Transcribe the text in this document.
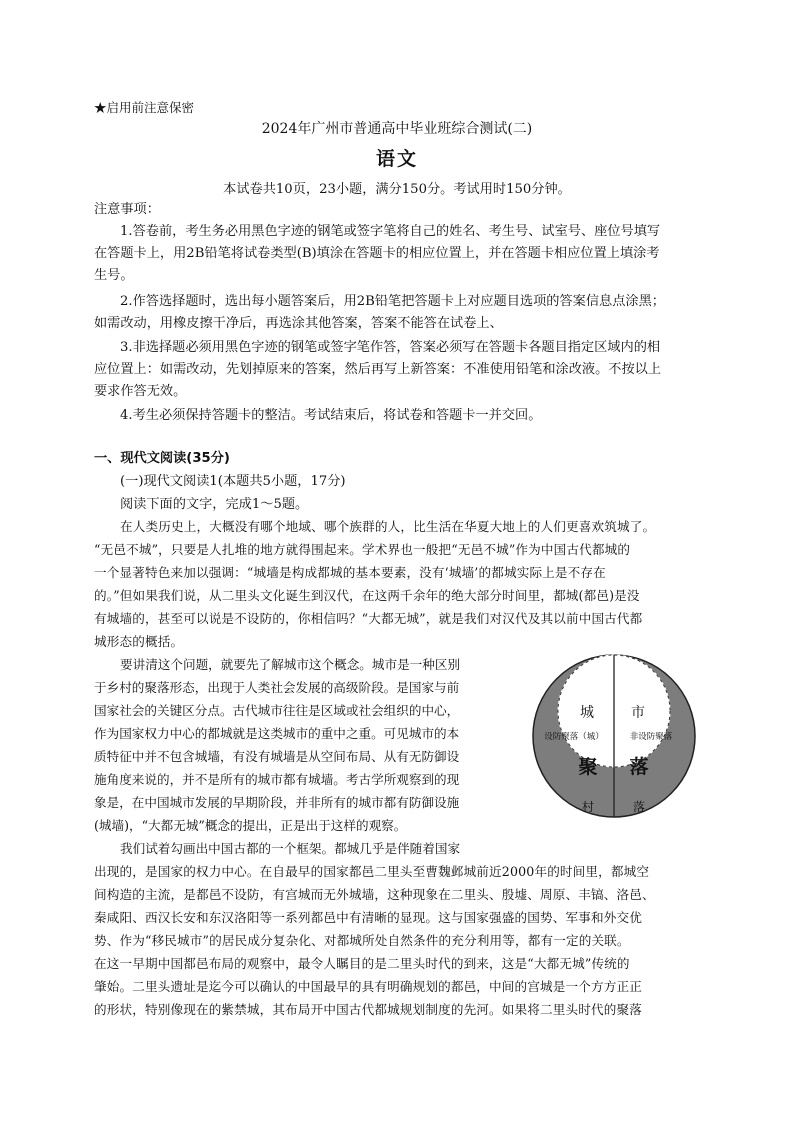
★启用前注意保密
2024年广州市普通高中毕业班综合测试(二)
语文
本试卷共10页，23小题，满分150分。考试用时150分钟。
注意事项：
1.答卷前，考生务必用黑色字迹的钢笔或签字笔将自己的姓名、考生号、试室号、座位号填写
在答题卡上，用2B铅笔将试卷类型(B)填涂在答题卡的相应位置上，并在答题卡相应位置上填涂考
生号。
2.作答选择题时，选出每小题答案后，用2B铅笔把答题卡上对应题目选项的答案信息点涂黑；
如需改动，用橡皮擦干净后，再选涂其他答案，答案不能答在试卷上、
3.非选择题必须用黑色字迹的钢笔或签字笔作答，答案必须写在答题卡各题目指定区域内的相
应位置上：如需改动，先划掉原来的答案，然后再写上新答案：不准使用铅笔和涂改液。不按以上
要求作答无效。
4.考生必须保持答题卡的整洁。考试结束后，将试卷和答题卡一并交回。
一、现代文阅读(35分)
(一)现代文阅读1(本题共5小题，17分)
阅读下面的文字，完成1～5题。
在人类历史上，大概没有哪个地域、哪个族群的人，比生活在华夏大地上的人们更喜欢筑城了。
“无邑不城”，只要是人扎堆的地方就得围起来。学术界也一般把“无邑不城”作为中国古代都城的
一个显著特色来加以强调：“城墙是构成都城的基本要素，没有‘城墙’的都城实际上是不存在
的。”但如果我们说，从二里头文化诞生到汉代，在这两千余年的绝大部分时间里，都城(都邑)是没
有城墙的，甚至可以说是不设防的，你相信吗？“大都无城”，就是我们对汉代及其以前中国古代都
城形态的概括。
要讲清这个问题，就要先了解城市这个概念。城市是一种区别
于乡村的聚落形态，出现于人类社会发展的高级阶段。是国家与前
国家社会的关键区分点。古代城市往往是区域或社会组织的中心，
作为国家权力中心的都城就是这类城市的重中之重。可见城市的本
质特征中并不包含城墙，有没有城墙是从空间布局、从有无防御设
施角度来说的，并不是所有的城市都有城墙。考古学所观察到的现
象是，在中国城市发展的早期阶段，并非所有的城市都有防御设施
(城墙)，“大都无城”概念的提出，正是出于这样的观察。
我们试着勾画出中国古都的一个框架。都城几乎是伴随着国家
出现的，是国家的权力中心。在自最早的国家都邑二里头至曹魏邺城前近2000年的时间里，都城空
间构造的主流，是都邑不设防，有宫城而无外城墙，这种现象在二里头、殷墟、周原、丰镐、洛邑、
秦咸阳、西汉长安和东汉洛阳等一系列都邑中有清晰的显现。这与国家强盛的国势、军事和外交优
势、作为“移民城市”的居民成分复杂化、对都城所处自然条件的充分利用等，都有一定的关联。
在这一早期中国都邑布局的观察中，最令人瞩目的是二里头时代的到来，这是“大都无城”传统的
肇始。二里头遗址是迄今可以确认的中国最早的具有明确规划的都邑，中间的宫城是一个方方正正
的形状，特别像现在的紫禁城，其布局开中国古代都城规划制度的先河。如果将二里头时代的聚落
城	市
设防聚落（城）	非设防聚落
聚 落
村	落
